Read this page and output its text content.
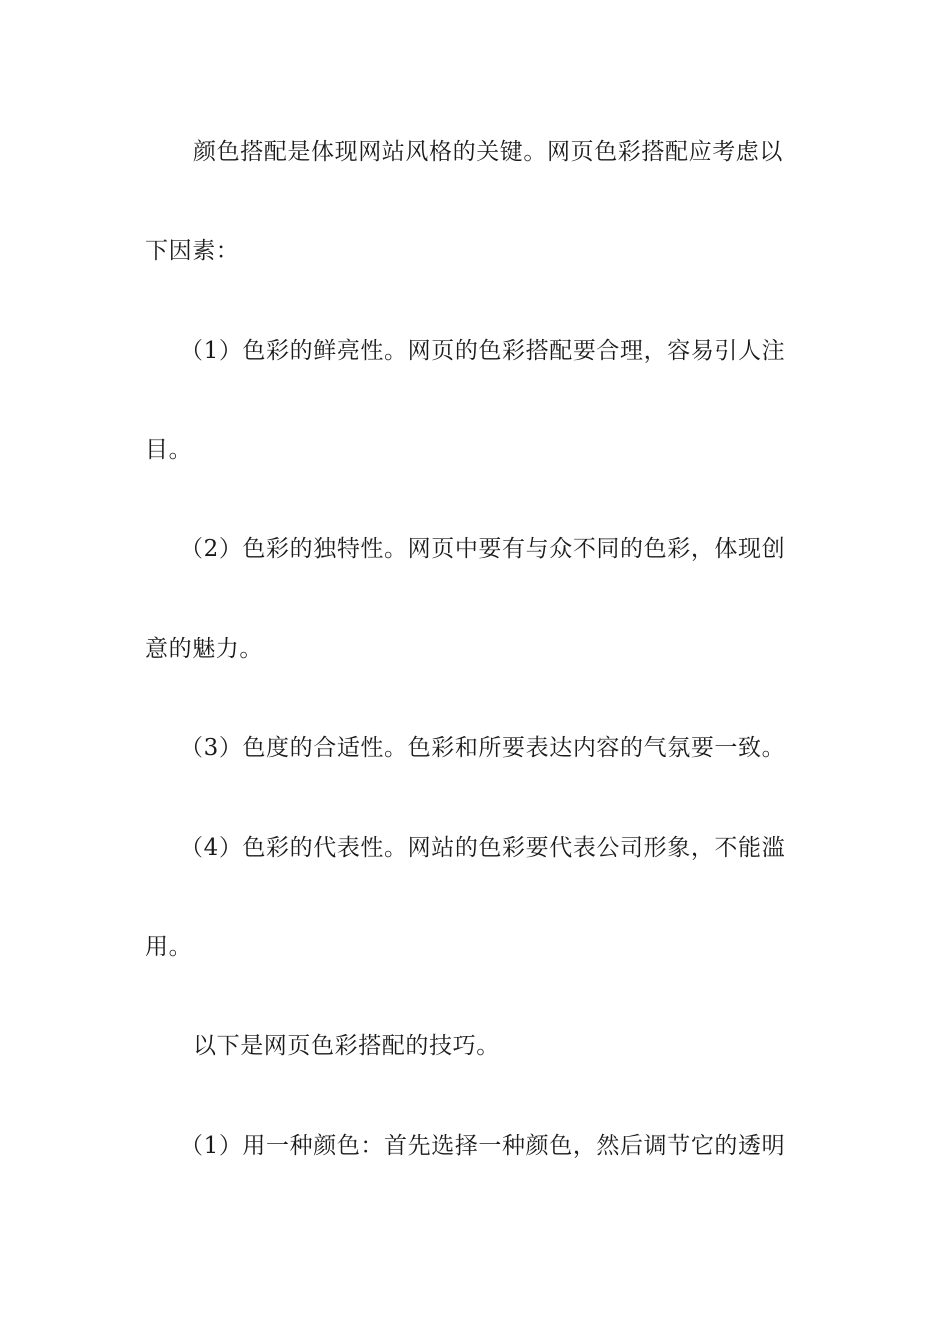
颜色搭配是体现网站风格的关键。网页色彩搭配应考虑以
下因素：
（1）色彩的鲜亮性。网页的色彩搭配要合理，容易引人注
目。
（2）色彩的独特性。网页中要有与众不同的色彩，体现创
意的魅力。
（3）色度的合适性。色彩和所要表达内容的气氛要一致。
（4）色彩的代表性。网站的色彩要代表公司形象，不能滥
用。
以下是网页色彩搭配的技巧。
（1）用一种颜色：首先选择一种颜色，然后调节它的透明
